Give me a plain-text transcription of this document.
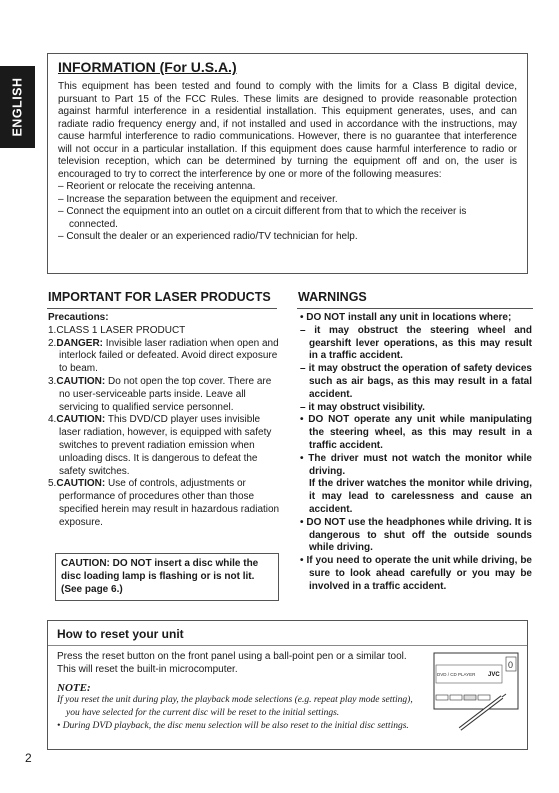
ENGLISH

INFORMATION (For U.S.A.)

This equipment has been tested and found to comply with the limits for a Class B digital device, pursuant to Part 15 of the FCC Rules. These limits are designed to provide reasonable protection against harmful interference in a residential installation. This equipment generates, uses, and can radiate radio frequency energy and, if not installed and used in accordance with the instructions, may cause harmful interference to radio communications. However, there is no guarantee that interference will not occur in a particular installation. If this equipment does cause harmful interference to radio or television reception, which can be determined by turning the equipment off and on, the user is encouraged to try to correct the interference by one or more of the following measures:

– Reorient or relocate the receiving antenna.
– Increase the separation between the equipment and receiver.
– Connect the equipment into an outlet on a circuit different from that to which the receiver is connected.
– Consult the dealer or an experienced radio/TV technician for help.

IMPORTANT FOR LASER PRODUCTS

Precautions:

1.CLASS 1 LASER PRODUCT
2.DANGER: Invisible laser radiation when open and interlock failed or defeated. Avoid direct exposure to beam.
3.CAUTION: Do not open the top cover. There are no user-serviceable parts inside. Leave all servicing to qualified service personnel.
4.CAUTION: This DVD/CD player uses invisible laser radiation, however, is equipped with safety switches to prevent radiation emission when unloading discs. It is dangerous to defeat the safety switches.
5.CAUTION: Use of controls, adjustments or performance of procedures other than those specified herein may result in hazardous radiation exposure.
CAUTION: DO NOT insert a disc while the disc loading lamp is flashing or is not lit. (See page 6.)

WARNINGS

• DO NOT install any unit in locations where;
– it may obstruct the steering wheel and gearshift lever operations, as this may result in a traffic accident.
– it may obstruct the operation of safety devices such as air bags, as this may result in a fatal accident.
– it may obstruct visibility.
• DO NOT operate any unit while manipulating the steering wheel, as this may result in a traffic accident.
• The driver must not watch the monitor while driving.
If the driver watches the monitor while driving, it may lead to carelessness and cause an accident.
• DO NOT use the headphones while driving. It is dangerous to shut off the outside sounds while driving.
• If you need to operate the unit while driving, be sure to look ahead carefully or you may be involved in a traffic accident.

How to reset your unit

Press the reset button on the front panel using a ball-point pen or a similar tool. This will reset the built-in microcomputer.

NOTE:

If you reset the unit during play, the playback mode selections (e.g. repeat play mode setting), you have selected for the current disc will be reset to the initial settings.
• During DVD playback, the disc menu selection will be also reset to the initial disc settings.
DVD / CD PLAYER JVC
0
2
